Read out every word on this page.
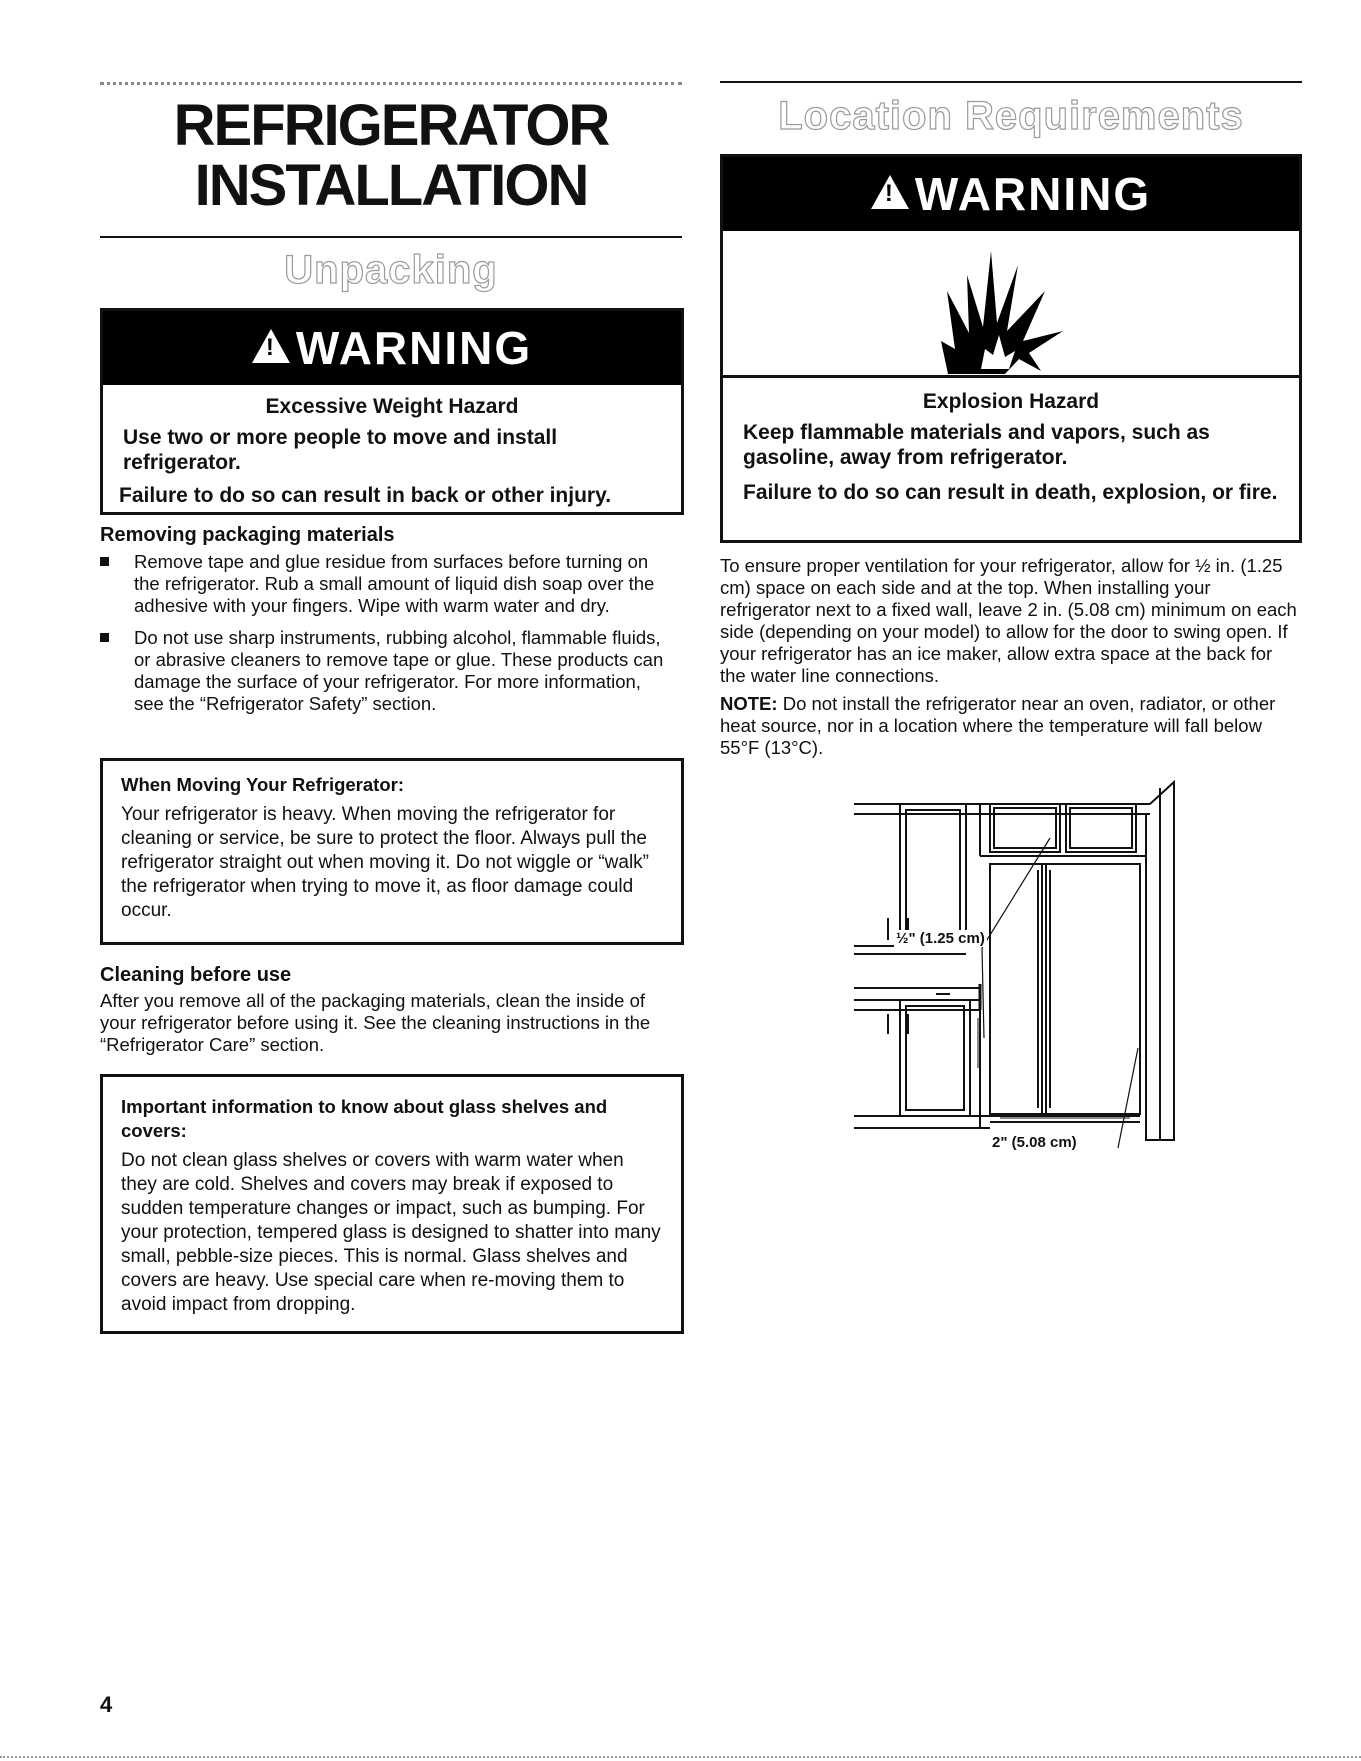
REFRIGERATOR
INSTALLATION
Unpacking
!
WARNING
Excessive Weight Hazard
Use two or more people to move and install refrigerator.
Failure to do so can result in back or other injury.
Removing packaging materials
Remove tape and glue residue from surfaces before turning on the refrigerator. Rub a small amount of liquid dish soap over the adhesive with your fingers. Wipe with warm water and dry.
Do not use sharp instruments, rubbing alcohol, flammable fluids, or abrasive cleaners to remove tape or glue. These products can damage the surface of your refrigerator. For more information, see the “Refrigerator Safety” section.
When Moving Your Refrigerator:
Your refrigerator is heavy. When moving the refrigerator for cleaning or service, be sure to protect the floor. Always pull the refrigerator straight out when moving it. Do not wiggle or “walk” the refrigerator when trying to move it, as floor damage could occur.
Cleaning before use
After you remove all of the packaging materials, clean the inside of your refrigerator before using it. See the cleaning instructions in the “Refrigerator Care” section.
Important information to know about glass shelves and covers:
Do not clean glass shelves or covers with warm water when they are cold. Shelves and covers may break if exposed to sudden temperature changes or impact, such as bumping. For your protection, tempered glass is designed to shatter into many small, pebble-size pieces. This is normal. Glass shelves and covers are heavy. Use special care when re-moving them to avoid impact from dropping.
4
Location Requirements
!
WARNING
Explosion Hazard
Keep flammable materials and vapors, such as gasoline, away from refrigerator.
Failure to do so can result in death, explosion, or fire.
To ensure proper ventilation for your refrigerator, allow for ½ in. (1.25 cm) space on each side and at the top. When installing your refrigerator next to a fixed wall, leave 2 in. (5.08 cm) minimum on each side (depending on your model) to allow for the door to swing open. If your refrigerator has an ice maker, allow extra space at the back for the water line connections.
NOTE: Do not install the refrigerator near an oven, radiator, or other heat source, nor in a location where the temperature will fall below 55°F (13°C).
½" (1.25 cm)
2" (5.08 cm)
